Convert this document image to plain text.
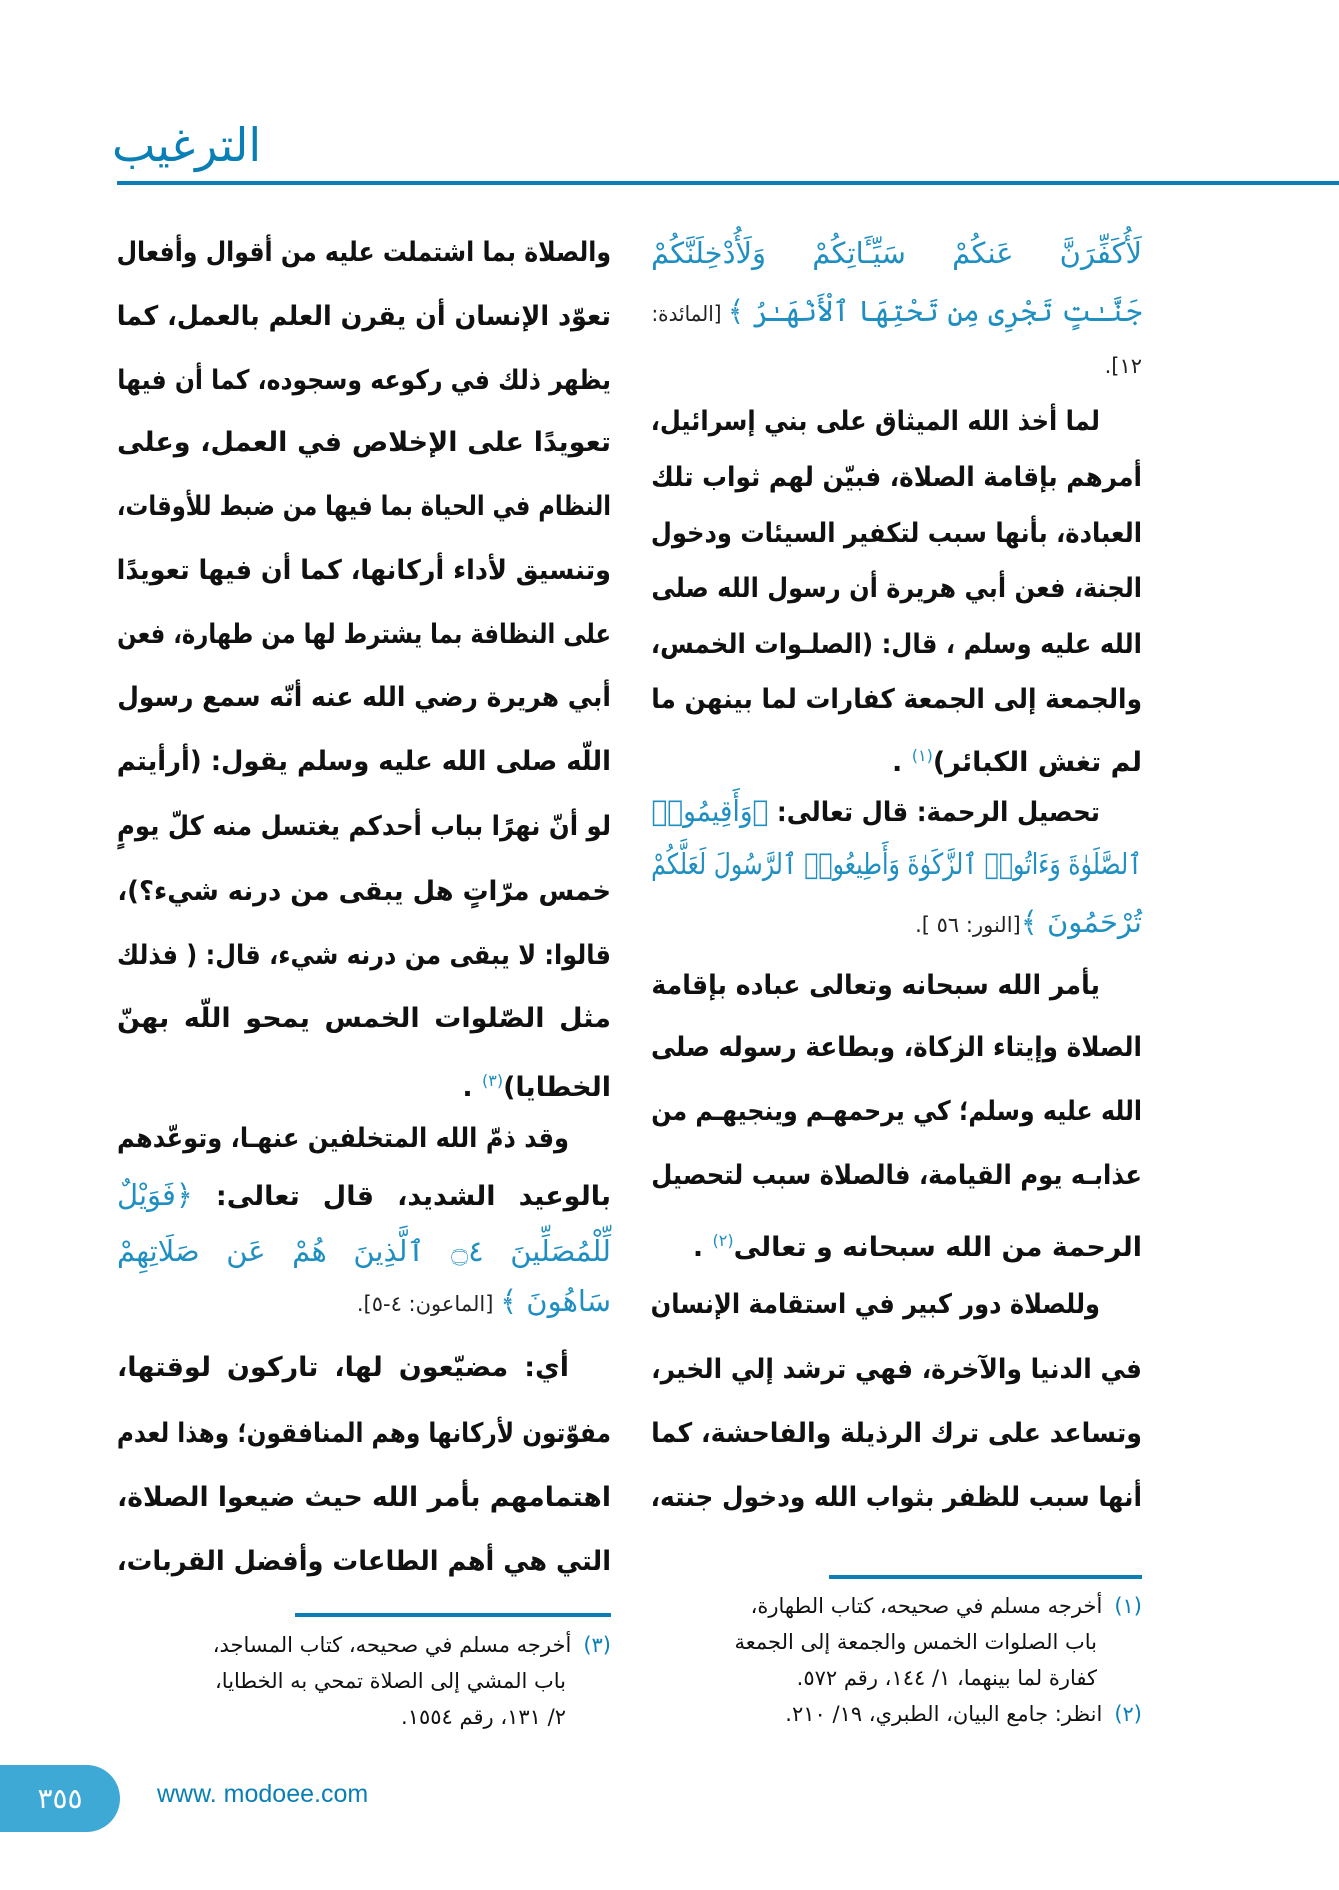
الترغيب
لَأُكَفِّرَنَّ عَنكُمْ سَيِّـَٔاتِكُمْ وَلَأُدْخِلَنَّكُمْ
جَنَّـٰتٍ تَجْرِى مِن تَحْتِهَا ٱلْأَنْهَـٰرُ ﴾ [المائدة:
١٢].
لما أخذ الله الميثاق على بني إسرائيل،
أمرهم بإقامة الصلاة، فبيّن لهم ثواب تلك
العبادة، بأنها سبب لتكفير السيئات ودخول
الجنة، فعن أبي هريرة أن رسول الله صلى
الله عليه وسلم ، قال: (الصلـوات الخمس،
والجمعة إلى الجمعة كفارات لما بينهن ما
لم تغش الكبائر)$^{(١)}$ .
تحصيل الرحمة: قال تعالى: ﴿وَأَقِيمُوا۟
ٱلصَّلَوٰةَ وَءَاتُوا۟ ٱلزَّكَوٰةَ وَأَطِيعُوا۟ ٱلرَّسُولَ لَعَلَّكُمْ
تُرْحَمُونَ ﴾[النور: ٥٦ ].
يأمر الله سبحانه وتعالى عباده بإقامة
الصلاة وإيتاء الزكاة، وبطاعة رسوله صلى
الله عليه وسلم؛ كي يرحمهـم وينجيهـم من
عذابـه يوم القيامة، فالصلاة سبب لتحصيل
الرحمة من الله سبحانه و تعالى$^{(٢)}$ .
وللصلاة دور كبير في استقامة الإنسان
في الدنيا والآخرة، فهي ترشد إلي الخير،
وتساعد على ترك الرذيلة والفاحشة، كما
أنها سبب للظفر بثواب الله ودخول جنته،
(١)أخرجه مسلم في صحيحه، كتاب الطهارة،
باب الصلوات الخمس والجمعة إلى الجمعة
كفارة لما بينهما، ١/ ١٤٤، رقم ٥٧٢.
(٢)انظر: جامع البيان، الطبري، ١٩/ ٢١٠.
والصلاة بما اشتملت عليه من أقوال وأفعال
تعوّد الإنسان أن يقرن العلم بالعمل، كما
يظهر ذلك في ركوعه وسجوده، كما أن فيها
تعويدًا على الإخلاص في العمل، وعلى
النظام في الحياة بما فيها من ضبط للأوقات،
وتنسيق لأداء أركانها، كما أن فيها تعويدًا
على النظافة بما يشترط لها من طهارة، فعن
أبي هريرة رضي الله عنه أنّه سمع رسول
اللّه صلى الله عليه وسلم يقول: (أرأيتم
لو أنّ نهرًا بباب أحدكم يغتسل منه كلّ يومٍ
خمس مرّاتٍ هل يبقى من درنه شيء؟)،
قالوا: لا يبقى من درنه شيء، قال: ( فذلك
مثل الصّلوات الخمس يمحو اللّه بهنّ
الخطايا)$^{(٣)}$ .
وقد ذمّ الله المتخلفين عنهـا، وتوعّدهم
بالوعيد الشديد، قال تعالى: ﴿فَوَيْلٌ
لِّلْمُصَلِّينَ ۝٤ ٱلَّذِينَ هُمْ عَن صَلَاتِهِمْ
سَاهُونَ ﴾ [الماعون: ٤-٥].
أي: مضيّعون لها، تاركون لوقتها،
مفوّتون لأركانها وهم المنافقون؛ وهذا لعدم
اهتمامهم بأمر الله حيث ضيعوا الصلاة،
التي هي أهم الطاعات وأفضل القربات،
(٣)أخرجه مسلم في صحيحه، كتاب المساجد،
باب المشي إلى الصلاة تمحي به الخطايا،
٢/ ١٣١، رقم ١٥٥٤.
٣٥٥	www. modoee.com
